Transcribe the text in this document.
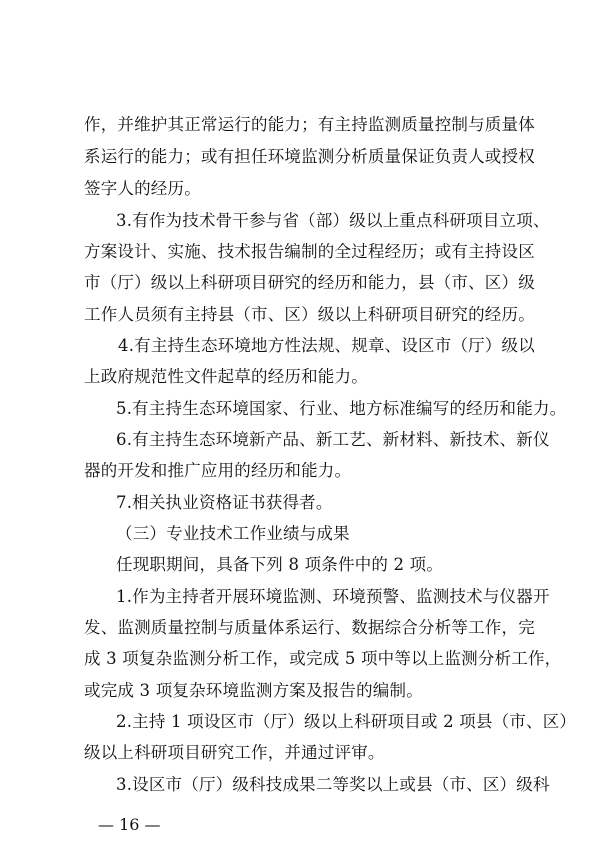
作，并维护其正常运行的能力；有主持监测质量控制与质量体
系运行的能力；或有担任环境监测分析质量保证负责人或授权
签字人的经历。
3.有作为技术骨干参与省（部）级以上重点科研项目立项、
方案设计、实施、技术报告编制的全过程经历；或有主持设区
市（厅）级以上科研项目研究的经历和能力，县（市、区）级
工作人员须有主持县（市、区）级以上科研项目研究的经历。
4.有主持生态环境地方性法规、规章、设区市（厅）级以
上政府规范性文件起草的经历和能力。
5.有主持生态环境国家、行业、地方标准编写的经历和能力。
6.有主持生态环境新产品、新工艺、新材料、新技术、新仪
器的开发和推广应用的经历和能力。
7.相关执业资格证书获得者。
（三）专业技术工作业绩与成果
任现职期间，具备下列 8 项条件中的 2 项。
1.作为主持者开展环境监测、环境预警、监测技术与仪器开
发、监测质量控制与质量体系运行、数据综合分析等工作，完
成 3 项复杂监测分析工作，或完成 5 项中等以上监测分析工作，
或完成 3 项复杂环境监测方案及报告的编制。
2.主持 1 项设区市（厅）级以上科研项目或 2 项县（市、区）
级以上科研项目研究工作，并通过评审。
3.设区市（厅）级科技成果二等奖以上或县（市、区）级科
— 16 —
